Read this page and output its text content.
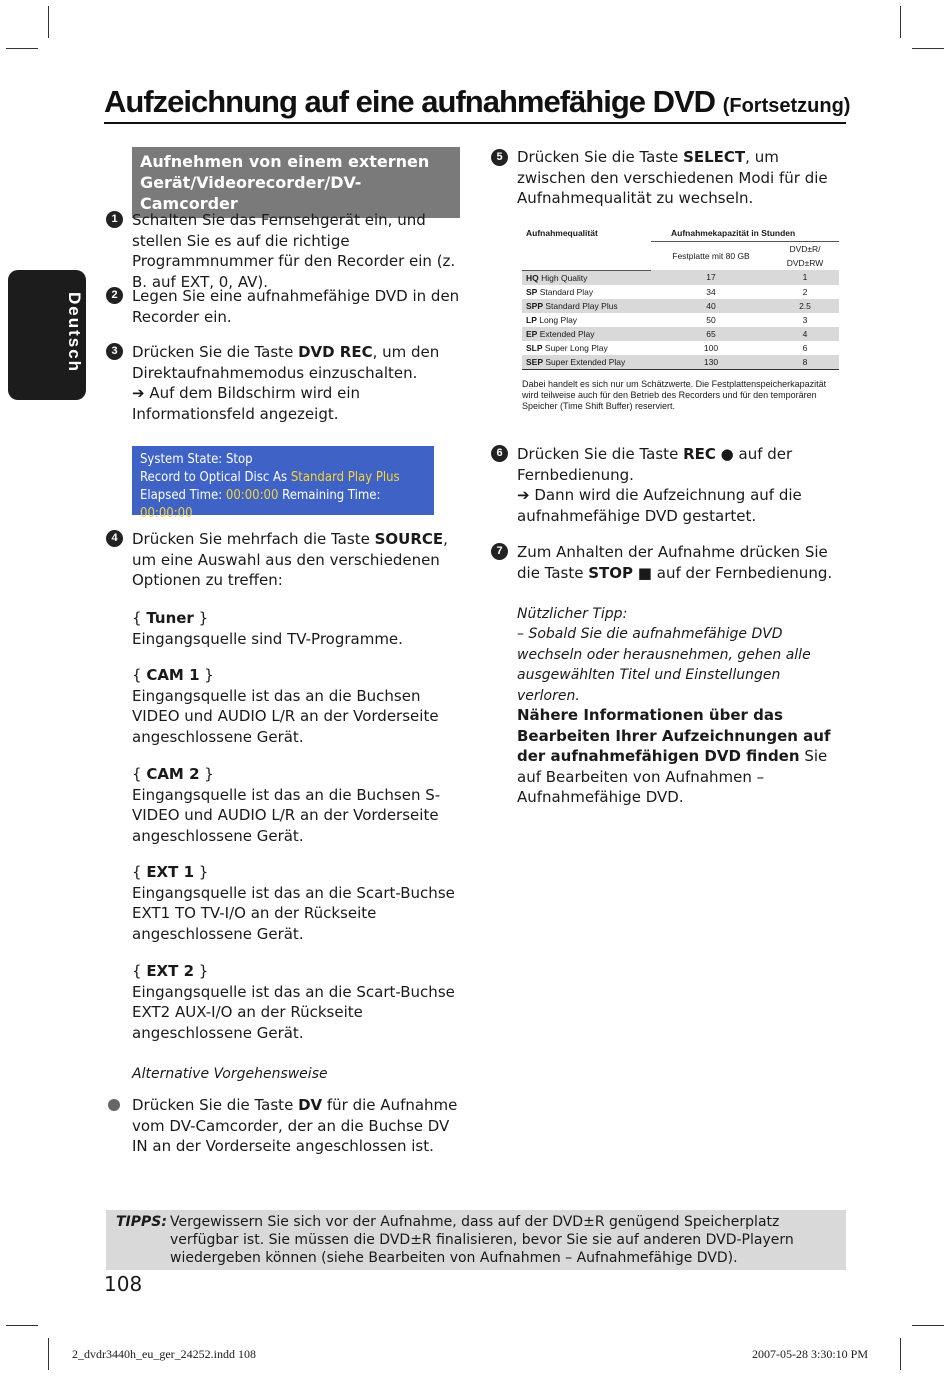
Aufzeichnung auf eine aufnahmefähige DVD (Fortsetzung)
Deutsch
Aufnehmen von einem externen Gerät/Videorecorder/DV-Camcorder
1 Schalten Sie das Fernsehgerät ein, und stellen Sie es auf die richtige Programmnummer für den Recorder ein (z. B. auf EXT, 0, AV).
2 Legen Sie eine aufnahmefähige DVD in den Recorder ein.
3 Drücken Sie die Taste DVD REC, um den Direktaufnahmemodus einzuschalten.
➔ Auf dem Bildschirm wird ein Informationsfeld angezeigt.
System State: Stop
Record to Optical Disc As Standard Play Plus
Elapsed Time: 00:00:00 Remaining Time: 00:00:00
4 Drücken Sie mehrfach die Taste SOURCE, um eine Auswahl aus den verschiedenen Optionen zu treffen:
{ Tuner }
Eingangsquelle sind TV-Programme.
{ CAM 1 }
Eingangsquelle ist das an die Buchsen VIDEO und AUDIO L/R an der Vorderseite angeschlossene Gerät.
{ CAM 2 }
Eingangsquelle ist das an die Buchsen S-VIDEO und AUDIO L/R an der Vorderseite angeschlossene Gerät.
{ EXT 1 }
Eingangsquelle ist das an die Scart-Buchse EXT1 TO TV-I/O an der Rückseite angeschlossene Gerät.
{ EXT 2 }
Eingangsquelle ist das an die Scart-Buchse EXT2 AUX-I/O an der Rückseite angeschlossene Gerät.
Alternative Vorgehensweise
Drücken Sie die Taste DV für die Aufnahme vom DV-Camcorder, der an die Buchse DV IN an der Vorderseite angeschlossen ist.
5 Drücken Sie die Taste SELECT, um zwischen den verschiedenen Modi für die Aufnahmequalität zu wechseln.
Aufnahmequalität	Aufnahmekapazität in Stunden	
	Festplatte mit 80 GB	DVD±R/ DVD±RW
HQ High Quality	17	1
SP Standard Play	34	2
SPP Standard Play Plus	40	2.5
LP Long Play	50	3
EP Extended Play	65	4
SLP Super Long Play	100	6
SEP Super Extended Play	130	8
Dabei handelt es sich nur um Schätzwerte. Die Festplattenspeicherkapazität wird teilweise auch für den Betrieb des Recorders und für den temporären Speicher (Time Shift Buffer) reserviert.
6 Drücken Sie die Taste REC ● auf der Fernbedienung.
➔ Dann wird die Aufzeichnung auf die aufnahmefähige DVD gestartet.
7 Zum Anhalten der Aufnahme drücken Sie die Taste STOP ■ auf der Fernbedienung.
Nützlicher Tipp:
– Sobald Sie die aufnahmefähige DVD wechseln oder herausnehmen, gehen alle ausgewählten Titel und Einstellungen verloren.
Nähere Informationen über das Bearbeiten Ihrer Aufzeichnungen auf der aufnahmefähigen DVD finden Sie auf Bearbeiten von Aufnahmen – Aufnahmefähige DVD.
TIPPS: Vergewissern Sie sich vor der Aufnahme, dass auf der DVD±R genügend Speicherplatz verfügbar ist. Sie müssen die DVD±R finalisieren, bevor Sie sie auf anderen DVD-Playern wiedergeben können (siehe Bearbeiten von Aufnahmen – Aufnahmefähige DVD).
108
2_dvdr3440h_eu_ger_24252.indd 108	2007-05-28 3:30:10 PM
